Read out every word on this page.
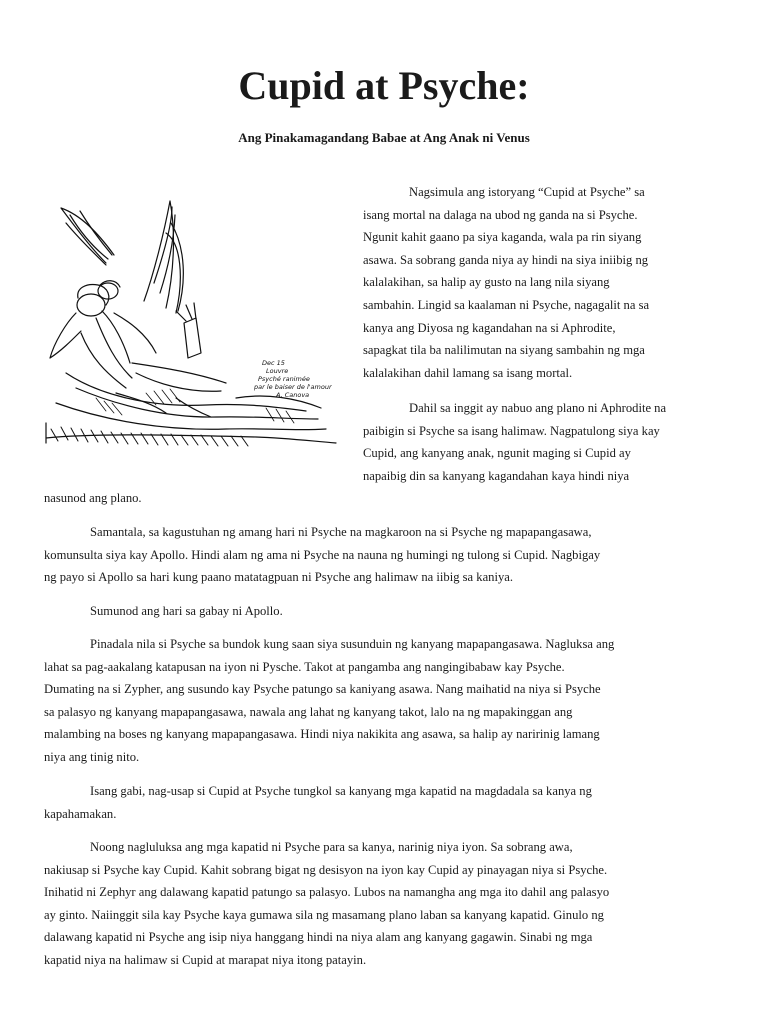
Cupid at Psyche:
Ang Pinakamagandang Babae at Ang Anak ni Venus
Dec 15
Louvre
Psyché ranimée
par le baiser de l'amour
A. Canova
Nagsimula ang istoryang “Cupid at Psyche” sa
isang mortal na dalaga na ubod ng ganda na si Psyche.
Ngunit kahit gaano pa siya kaganda, wala pa rin siyang
asawa. Sa sobrang ganda niya ay hindi na siya iniibig ng
kalalakihan, sa halip ay gusto na lang nila siyang
sambahin. Lingid sa kaalaman ni Psyche, nagagalit na sa
kanya ang Diyosa ng kagandahan na si Aphrodite,
sapagkat tila ba nalilimutan na siyang sambahin ng mga
kalalakihan dahil lamang sa isang mortal.
Dahil sa inggit ay nabuo ang plano ni Aphrodite na
paibigin si Psyche sa isang halimaw. Nagpatulong siya kay
Cupid, ang kanyang anak, ngunit maging si Cupid ay
napaibig din sa kanyang kagandahan kaya hindi niya
nasunod ang plano.
Samantala, sa kagustuhan ng amang hari ni Psyche na magkaroon na si Psyche ng mapapangasawa,
komunsulta siya kay Apollo. Hindi alam ng ama ni Psyche na nauna ng humingi ng tulong si Cupid. Nagbigay
ng payo si Apollo sa hari kung paano matatagpuan ni Psyche ang halimaw na iibig sa kaniya.
Sumunod ang hari sa gabay ni Apollo.
Pinadala nila si Psyche sa bundok kung saan siya susunduin ng kanyang mapapangasawa. Nagluksa ang
lahat sa pag-aakalang katapusan na iyon ni Pysche. Takot at pangamba ang nangingibabaw kay Psyche.
Dumating na si Zypher, ang susundo kay Psyche patungo sa kaniyang asawa. Nang maihatid na niya si Psyche
sa palasyo ng kanyang mapapangasawa, nawala ang lahat ng kanyang takot, lalo na ng mapakinggan ang
malambing na boses ng kanyang mapapangasawa. Hindi niya nakikita ang asawa, sa halip ay naririnig lamang
niya ang tinig nito.
Isang gabi, nag-usap si Cupid at Psyche tungkol sa kanyang mga kapatid na magdadala sa kanya ng
kapahamakan.
Noong nagluluksa ang mga kapatid ni Psyche para sa kanya, narinig niya iyon. Sa sobrang awa,
nakiusap si Psyche kay Cupid. Kahit sobrang bigat ng desisyon na iyon kay Cupid ay pinayagan niya si Psyche.
Inihatid ni Zephyr ang dalawang kapatid patungo sa palasyo. Lubos na namangha ang mga ito dahil ang palasyo
ay ginto. Naiinggit sila kay Psyche kaya gumawa sila ng masamang plano laban sa kanyang kapatid. Ginulo ng
dalawang kapatid ni Psyche ang isip niya hanggang hindi na niya alam ang kanyang gagawin. Sinabi ng mga
kapatid niya na halimaw si Cupid at marapat niya itong patayin.
